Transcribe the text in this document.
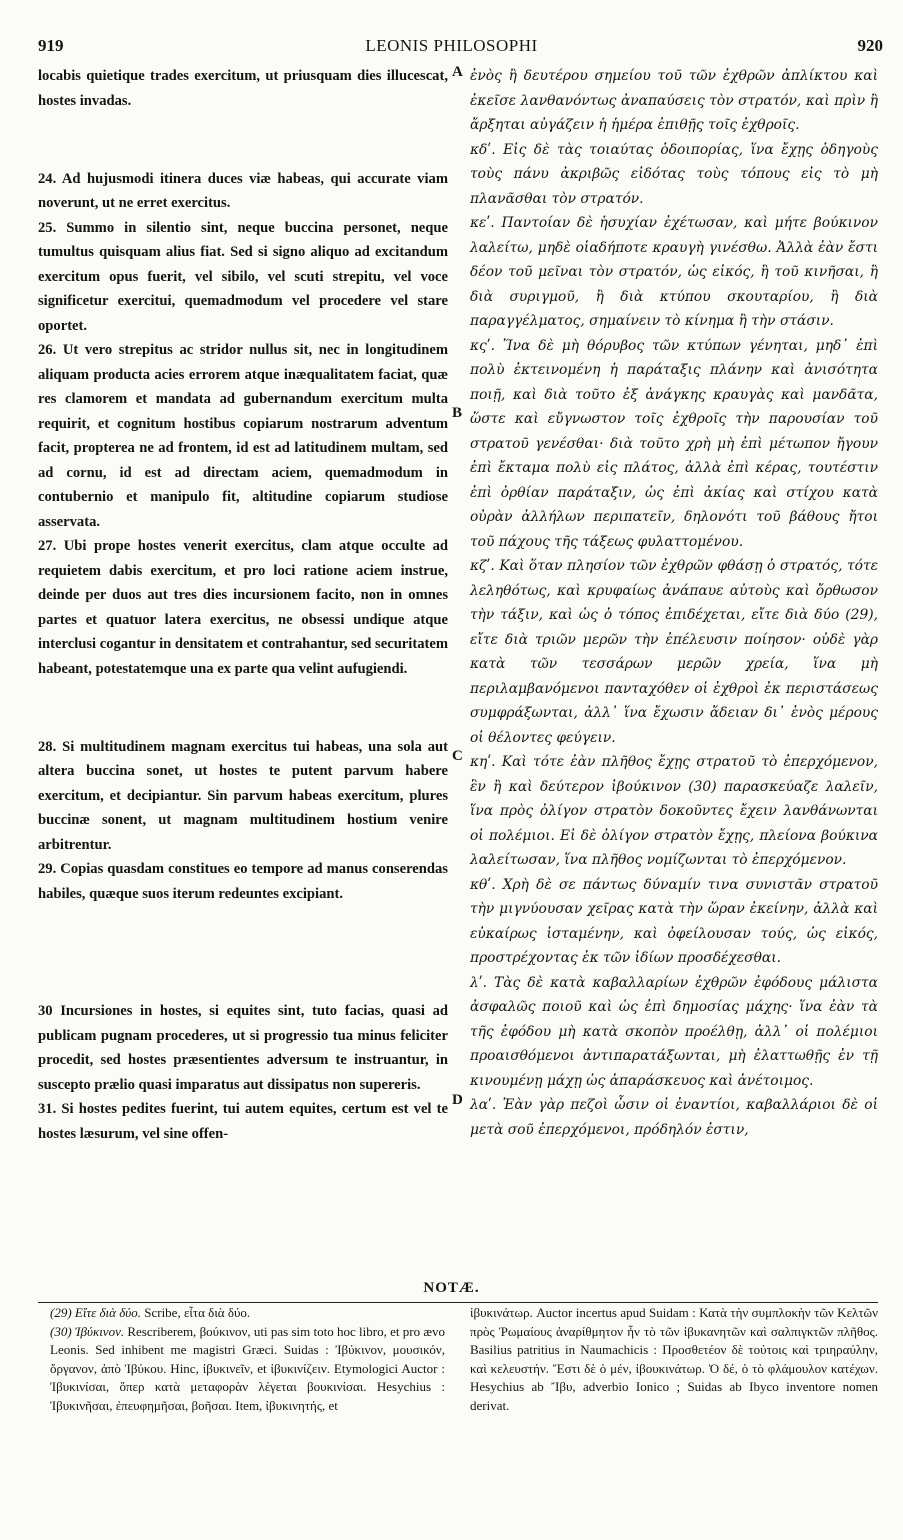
919	LEONIS PHILOSOPHI	920

locabis quietique trades exercitum, ut priusquam dies illucescat, hostes invadas.

24. Ad hujusmodi itinera duces viæ habeas, qui accurate viam noverunt, ut ne erret exercitus.

25. Summo in silentio sint, neque buccina personet, neque tumultus quisquam alius fiat. Sed si signo aliquo ad excitandum exercitum opus fuerit, vel sibilo, vel scuti strepitu, vel voce significetur exercitui, quemadmodum vel procedere vel stare oportet.

26. Ut vero strepitus ac stridor nullus sit, nec in longitudinem aliquam producta acies errorem atque inæqualitatem faciat, quæ res clamorem et mandata ad gubernandum exercitum multa requirit, et cognitum hostibus copiarum nostrarum adventum facit, propterea ne ad frontem, id est ad latitudinem multam, sed ad cornu, id est ad directam aciem, quemadmodum in contubernio et manipulo fit, altitudine copiarum studiose asservata.

27. Ubi prope hostes venerit exercitus, clam atque occulte ad requietem dabis exercitum, et pro loci ratione aciem instrue, deinde per duos aut tres dies incursionem facito, non in omnes partes et quatuor latera exercitus, ne obsessi undique atque interclusi cogantur in densitatem et contrahantur, sed securitatem habeant, potestatemque una ex parte qua velint aufugiendi.

28. Si multitudinem magnam exercitus tui habeas, una sola aut altera buccina sonet, ut hostes te putent parvum habere exercitum, et decipiantur. Sin parvum habeas exercitum, plures buccinæ sonent, ut magnam multitudinem hostium venire arbitrentur.

29. Copias quasdam constitues eo tempore ad manus conserendas habiles, quæque suos iterum redeuntes excipiant.

30 Incursiones in hostes, si equites sint, tuto facias, quasi ad publicam pugnam procederes, ut si progressio tua minus feliciter procedit, sed hostes præsentientes adversum te instruantur, in suscepto prælio quasi imparatus aut dissipatus non supereris.

31. Si hostes pedites fuerint, tui autem equites, certum est vel te hostes læsurum, vel sine offen-

ἑνὸς ἢ δευτέρου σημείου τοῦ τῶν ἐχθρῶν ἀπλίκτου καὶ ἐκεῖσε λανθανόντως ἀναπαύσεις τὸν στρατόν, καὶ πρὶν ἢ ἄρξηται αὐγάζειν ἡ ἡμέρα ἐπιθῇς τοῖς ἐχθροῖς.

κδʹ. Εἰς δὲ τὰς τοιαύτας ὁδοιπορίας, ἵνα ἔχῃς ὁδηγοὺς τοὺς πάνυ ἀκριβῶς εἰδότας τοὺς τόπους εἰς τὸ μὴ πλανᾶσθαι τὸν στρατόν.

κεʹ. Παντοίαν δὲ ἡσυχίαν ἐχέτωσαν, καὶ μήτε βούκινον λαλείτω, μηδὲ οἱαδήποτε κραυγὴ γινέσθω. Ἀλλὰ ἐὰν ἔστι δέον τοῦ μεῖναι τὸν στρατόν, ὡς εἰκός, ἢ τοῦ κινῆσαι, ἢ διὰ συριγμοῦ, ἢ διὰ κτύπου σκουταρίου, ἢ διὰ παραγγέλματος, σημαίνειν τὸ κίνημα ἢ τὴν στάσιν.

κςʹ. Ἵνα δὲ μὴ θόρυβος τῶν κτύπων γένηται, μηδ᾽ ἐπὶ πολὺ ἐκτεινομένη ἡ παράταξις πλάνην καὶ ἀνισότητα ποιῇ, καὶ διὰ τοῦτο ἐξ ἀνάγκης κραυγὰς καὶ μανδᾶτα, ὥστε καὶ εὔγνωστον τοῖς ἐχθροῖς τὴν παρουσίαν τοῦ στρατοῦ γενέσθαι· διὰ τοῦτο χρὴ μὴ ἐπὶ μέτωπον ἤγουν ἐπὶ ἔκταμα πολὺ εἰς πλάτος, ἀλλὰ ἐπὶ κέρας, τουτέστιν ἐπὶ ὀρθίαν παράταξιν, ὡς ἐπὶ ἀκίας καὶ στίχου κατὰ οὐρὰν ἀλλήλων περιπατεῖν, δηλονότι τοῦ βάθους ἤτοι τοῦ πάχους τῆς τάξεως φυλαττομένου.

κζʹ. Καὶ ὅταν πλησίον τῶν ἐχθρῶν φθάσῃ ὁ στρατός, τότε λεληθότως, καὶ κρυφαίως ἀνάπαυε αὐτοὺς καὶ ὄρθωσον τὴν τάξιν, καὶ ὡς ὁ τόπος ἐπιδέχεται, εἴτε διὰ δύο (29), εἴτε διὰ τριῶν μερῶν τὴν ἐπέλευσιν ποίησον· οὐδὲ γὰρ κατὰ τῶν τεσσάρων μερῶν χρεία, ἵνα μὴ περιλαμβανόμενοι πανταχόθεν οἱ ἐχθροὶ ἐκ περιστάσεως συμφράξωνται, ἀλλ᾽ ἵνα ἔχωσιν ἄδειαν δι᾽ ἑνὸς μέρους οἱ θέλοντες φεύγειν.

κηʹ. Καὶ τότε ἐὰν πλῆθος ἔχῃς στρατοῦ τὸ ἐπερχόμενον, ἓν ἢ καὶ δεύτερον ἰβούκινον (30) παρασκεύαζε λαλεῖν, ἵνα πρὸς ὀλίγον στρατὸν δοκοῦντες ἔχειν λανθάνωνται οἱ πολέμιοι. Εἰ δὲ ὀλίγον στρατὸν ἔχῃς, πλείονα βούκινα λαλείτωσαν, ἵνα πλῆθος νομίζωνται τὸ ἐπερχόμενον.

κθʹ. Χρὴ δὲ σε πάντως δύναμίν τινα συνιστᾶν στρατοῦ τὴν μιγνύουσαν χεῖρας κατὰ τὴν ὥραν ἐκείνην, ἀλλὰ καὶ εὐκαίρως ἱσταμένην, καὶ ὀφείλουσαν τούς, ὡς εἰκός, προστρέχοντας ἐκ τῶν ἰδίων προσδέχεσθαι.

λʹ. Τὰς δὲ κατὰ καβαλλαρίων ἐχθρῶν ἐφόδους μάλιστα ἀσφαλῶς ποιοῦ καὶ ὡς ἐπὶ δημοσίας μάχης· ἵνα ἐὰν τὰ τῆς ἐφόδου μὴ κατὰ σκοπὸν προέλθῃ, ἀλλ᾽ οἱ πολέμιοι προαισθόμενοι ἀντιπαρατάξωνται, μὴ ἐλαττωθῇς ἐν τῇ κινουμένῃ μάχῃ ὡς ἀπαράσκευος καὶ ἀνέτοιμος.

λαʹ. Ἐὰν γὰρ πεζοὶ ὦσιν οἱ ἐναντίοι, καβαλλάριοι δὲ οἱ μετὰ σοῦ ἐπερχόμενοι, πρόδηλόν ἐστιν,

A
B
C
D
NOTÆ.

(29) Εἴτε διὰ δύο. Scribe, εἶτα διὰ δύο.

(30) Ἰβύκινον. Rescriberem, βούκινον, uti pas sim toto hoc libro, et pro ævo Leonis. Sed inhibent me magistri Græci. Suidas : Ἰβύκινον, μουσικόν, ὄργανον, ἀπὸ Ἰβύκου. Hinc, ἰβυκινεῖν, et ἰβυκινίζειν. Etymologici Auctor : Ἰβυκινίσαι, ὅπερ κατὰ μεταφορὰν λέγεται βουκινίσαι. Hesychius : Ἰβυκινῆσαι, ἐπευφημῆσαι, βοῆσαι. Item, ἰβυκινητής, et

ἰβυκινάτωρ. Auctor incertus apud Suidam : Κατὰ τὴν συμπλοκὴν τῶν Κελτῶν πρὸς Ῥωμαίους ἀναρίθμητον ἦν τὸ τῶν ἰβυκανητῶν καὶ σαλπιγκτῶν πλῆθος. Basilius patritius in Naumachicis : Προσθετέον δὲ τούτοις καὶ τριηραύλην, καὶ κελευστήν. Ἔστι δὲ ὁ μέν, ἰβουκινάτωρ. Ὁ δέ, ὁ τὸ φλάμουλον κατέχων. Hesychius ab Ἴβυ, adverbio Ionico ; Suidas ab Ibyco inventore nomen derivat.
